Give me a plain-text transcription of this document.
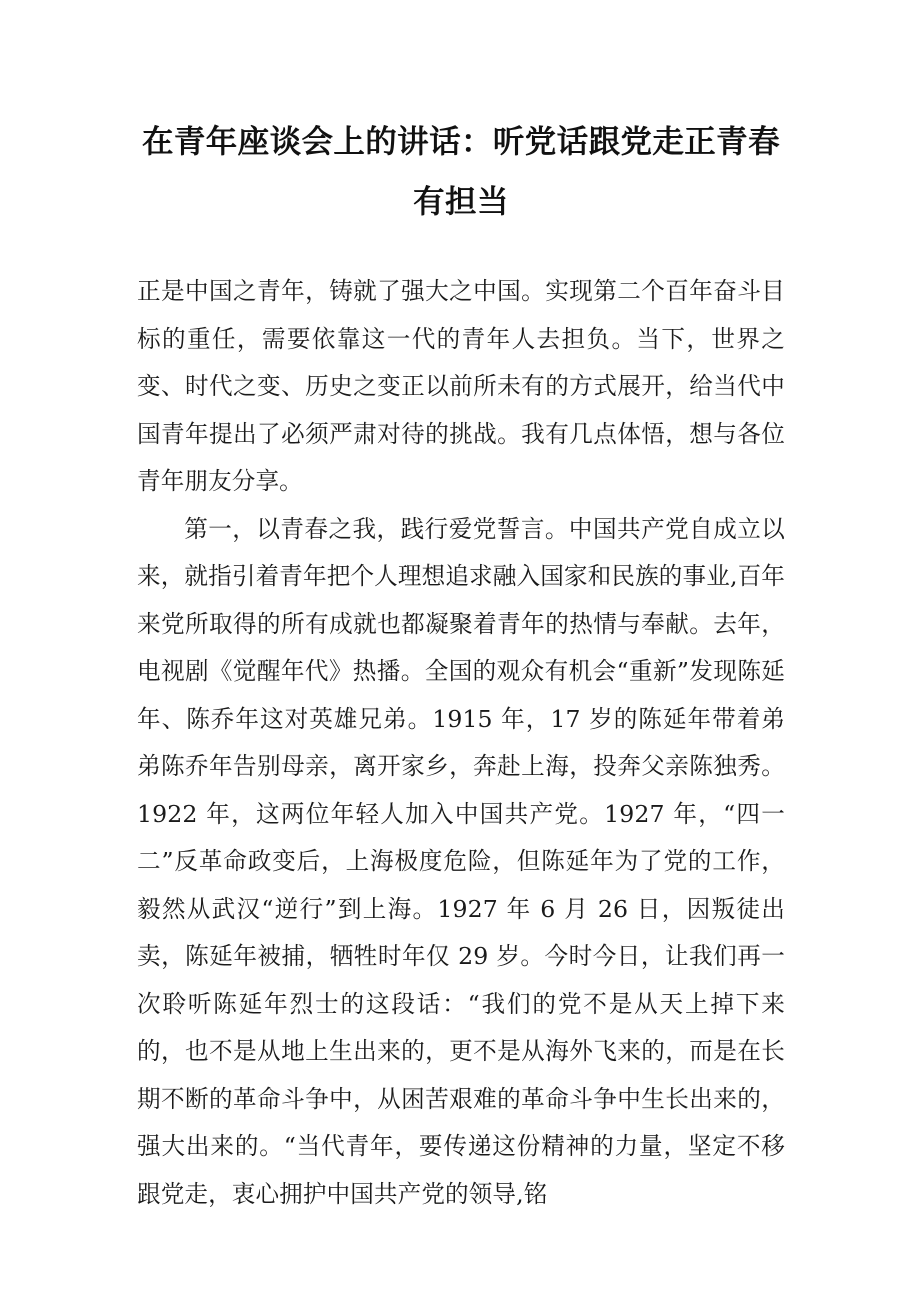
在青年座谈会上的讲话：听党话跟党走正青春有担当

正是中国之青年，铸就了强大之中国。实现第二个百年奋斗目标的重任，需要依靠这一代的青年人去担负。当下，世界之变、时代之变、历史之变正以前所未有的方式展开，给当代中国青年提出了必须严肃对待的挑战。我有几点体悟，想与各位青年朋友分享。

第一，以青春之我，践行爱党誓言。中国共产党自成立以来，就指引着青年把个人理想追求融入国家和民族的事业,百年来党所取得的所有成就也都凝聚着青年的热情与奉献。去年，电视剧《觉醒年代》热播。全国的观众有机会“重新”发现陈延年、陈乔年这对英雄兄弟。1915 年，17 岁的陈延年带着弟弟陈乔年告别母亲，离开家乡，奔赴上海，投奔父亲陈独秀。1922 年，这两位年轻人加入中国共产党。1927 年，“四一二”反革命政变后，上海极度危险，但陈延年为了党的工作，毅然从武汉“逆行”到上海。1927 年 6 月 26 日，因叛徒出卖，陈延年被捕，牺牲时年仅 29 岁。今时今日，让我们再一次聆听陈延年烈士的这段话：“我们的党不是从天上掉下来的，也不是从地上生出来的，更不是从海外飞来的，而是在长期不断的革命斗争中，从困苦艰难的革命斗争中生长出来的，强大出来的。“当代青年，要传递这份精神的力量，坚定不移跟党走，衷心拥护中国共产党的领导,铭
